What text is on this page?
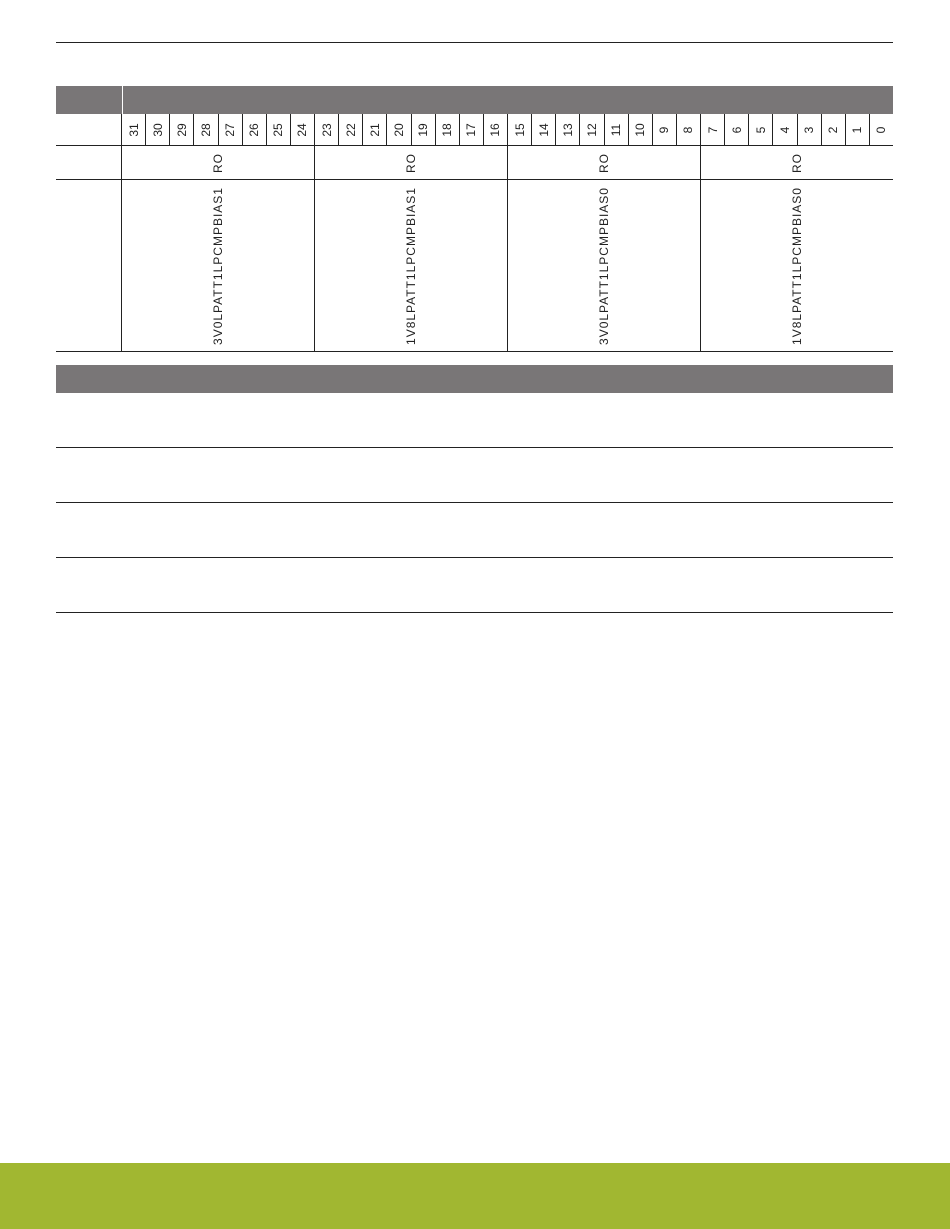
31 30 29 28 27 26 25 24 23 22 21 20 19 18 17 16 15 14 13 12 11 10 9 8 7 6 5 4 3 2 1 0
RO	RO	RO	RO
3V0LPATT1LPCMPBIAS1	1V8LPATT1LPCMPBIAS1	3V0LPATT1LPCMPBIAS0	1V8LPATT1LPCMPBIAS0
